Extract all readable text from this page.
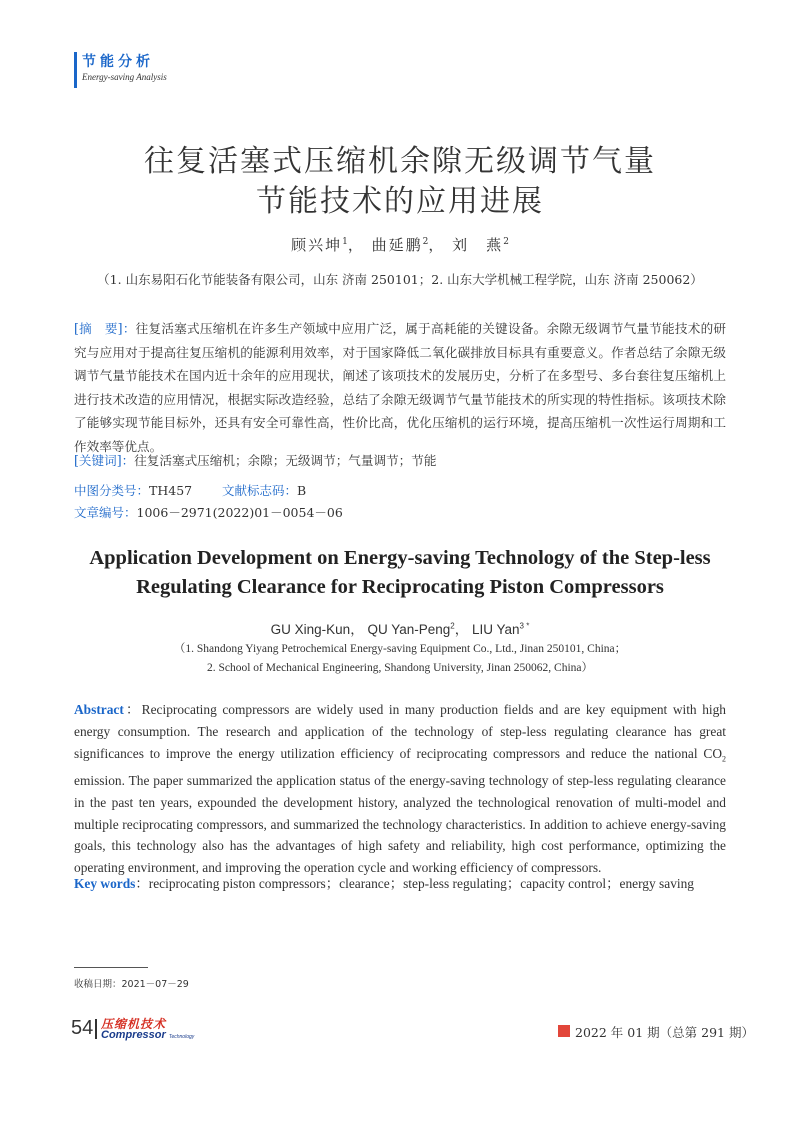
节能分析
Energy-saving Analysis
往复活塞式压缩机余隙无级调节气量
节能技术的应用进展
顾兴坤$^1$， 曲延鹏$^2$， 刘　燕$^2$
（1. 山东易阳石化节能装备有限公司，山东 济南 250101；2. 山东大学机械工程学院，山东 济南 250062）
[摘　要]：往复活塞式压缩机在许多生产领域中应用广泛，属于高耗能的关键设备。余隙无级调节气量节能技术的研究与应用对于提高往复压缩机的能源利用效率，对于国家降低二氧化碳排放目标具有重要意义。作者总结了余隙无级调节气量节能技术在国内近十余年的应用现状，阐述了该项技术的发展历史，分析了在多型号、多台套往复压缩机上进行技术改造的应用情况，根据实际改造经验，总结了余隙无级调节气量节能技术的所实现的特性指标。该项技术除了能够实现节能目标外，还具有安全可靠性高，性价比高，优化压缩机的运行环境，提高压缩机一次性运行周期和工作效率等优点。
[关键词]：往复活塞式压缩机；余隙；无级调节；气量调节；节能
中图分类号：TH457 文献标志码：B
文章编号：1006－2971(2022)01－0054－06
Application Development on Energy-saving Technology of the Step-less
Regulating Clearance for Reciprocating Piston Compressors
GU Xing-Kun， QU Yan-Peng$^2$， LIU Yan$^{3 *}$
（1. Shandong Yiyang Petrochemical Energy-saving Equipment Co., Ltd., Jinan 250101, China；
2. School of Mechanical Engineering, Shandong University, Jinan 250062, China）
Abstract：Reciprocating compressors are widely used in many production fields and are key equipment with high energy consumption. The research and application of the technology of step-less regulating clearance has great significances to improve the energy utilization efficiency of reciprocating compressors and reduce the national $CO_2$ emission. The paper summarized the application status of the energy-saving technology of step-less regulating clearance in the past ten years, expounded the development history, analyzed the technological renovation of multi-model and multiple reciprocating compressors, and summarized the technology characteristics. In addition to achieve energy-saving goals, this technology also has the advantages of high safety and reliability, high cost performance, optimizing the operating environment, and improving the operation cycle and working efficiency of compressors.
Key words：reciprocating piston compressors；clearance；step-less regulating；capacity control；energy saving
收稿日期：2021－07－29
54 压缩机技术
Compressor Technology	2022 年 01 期（总第 291 期）
